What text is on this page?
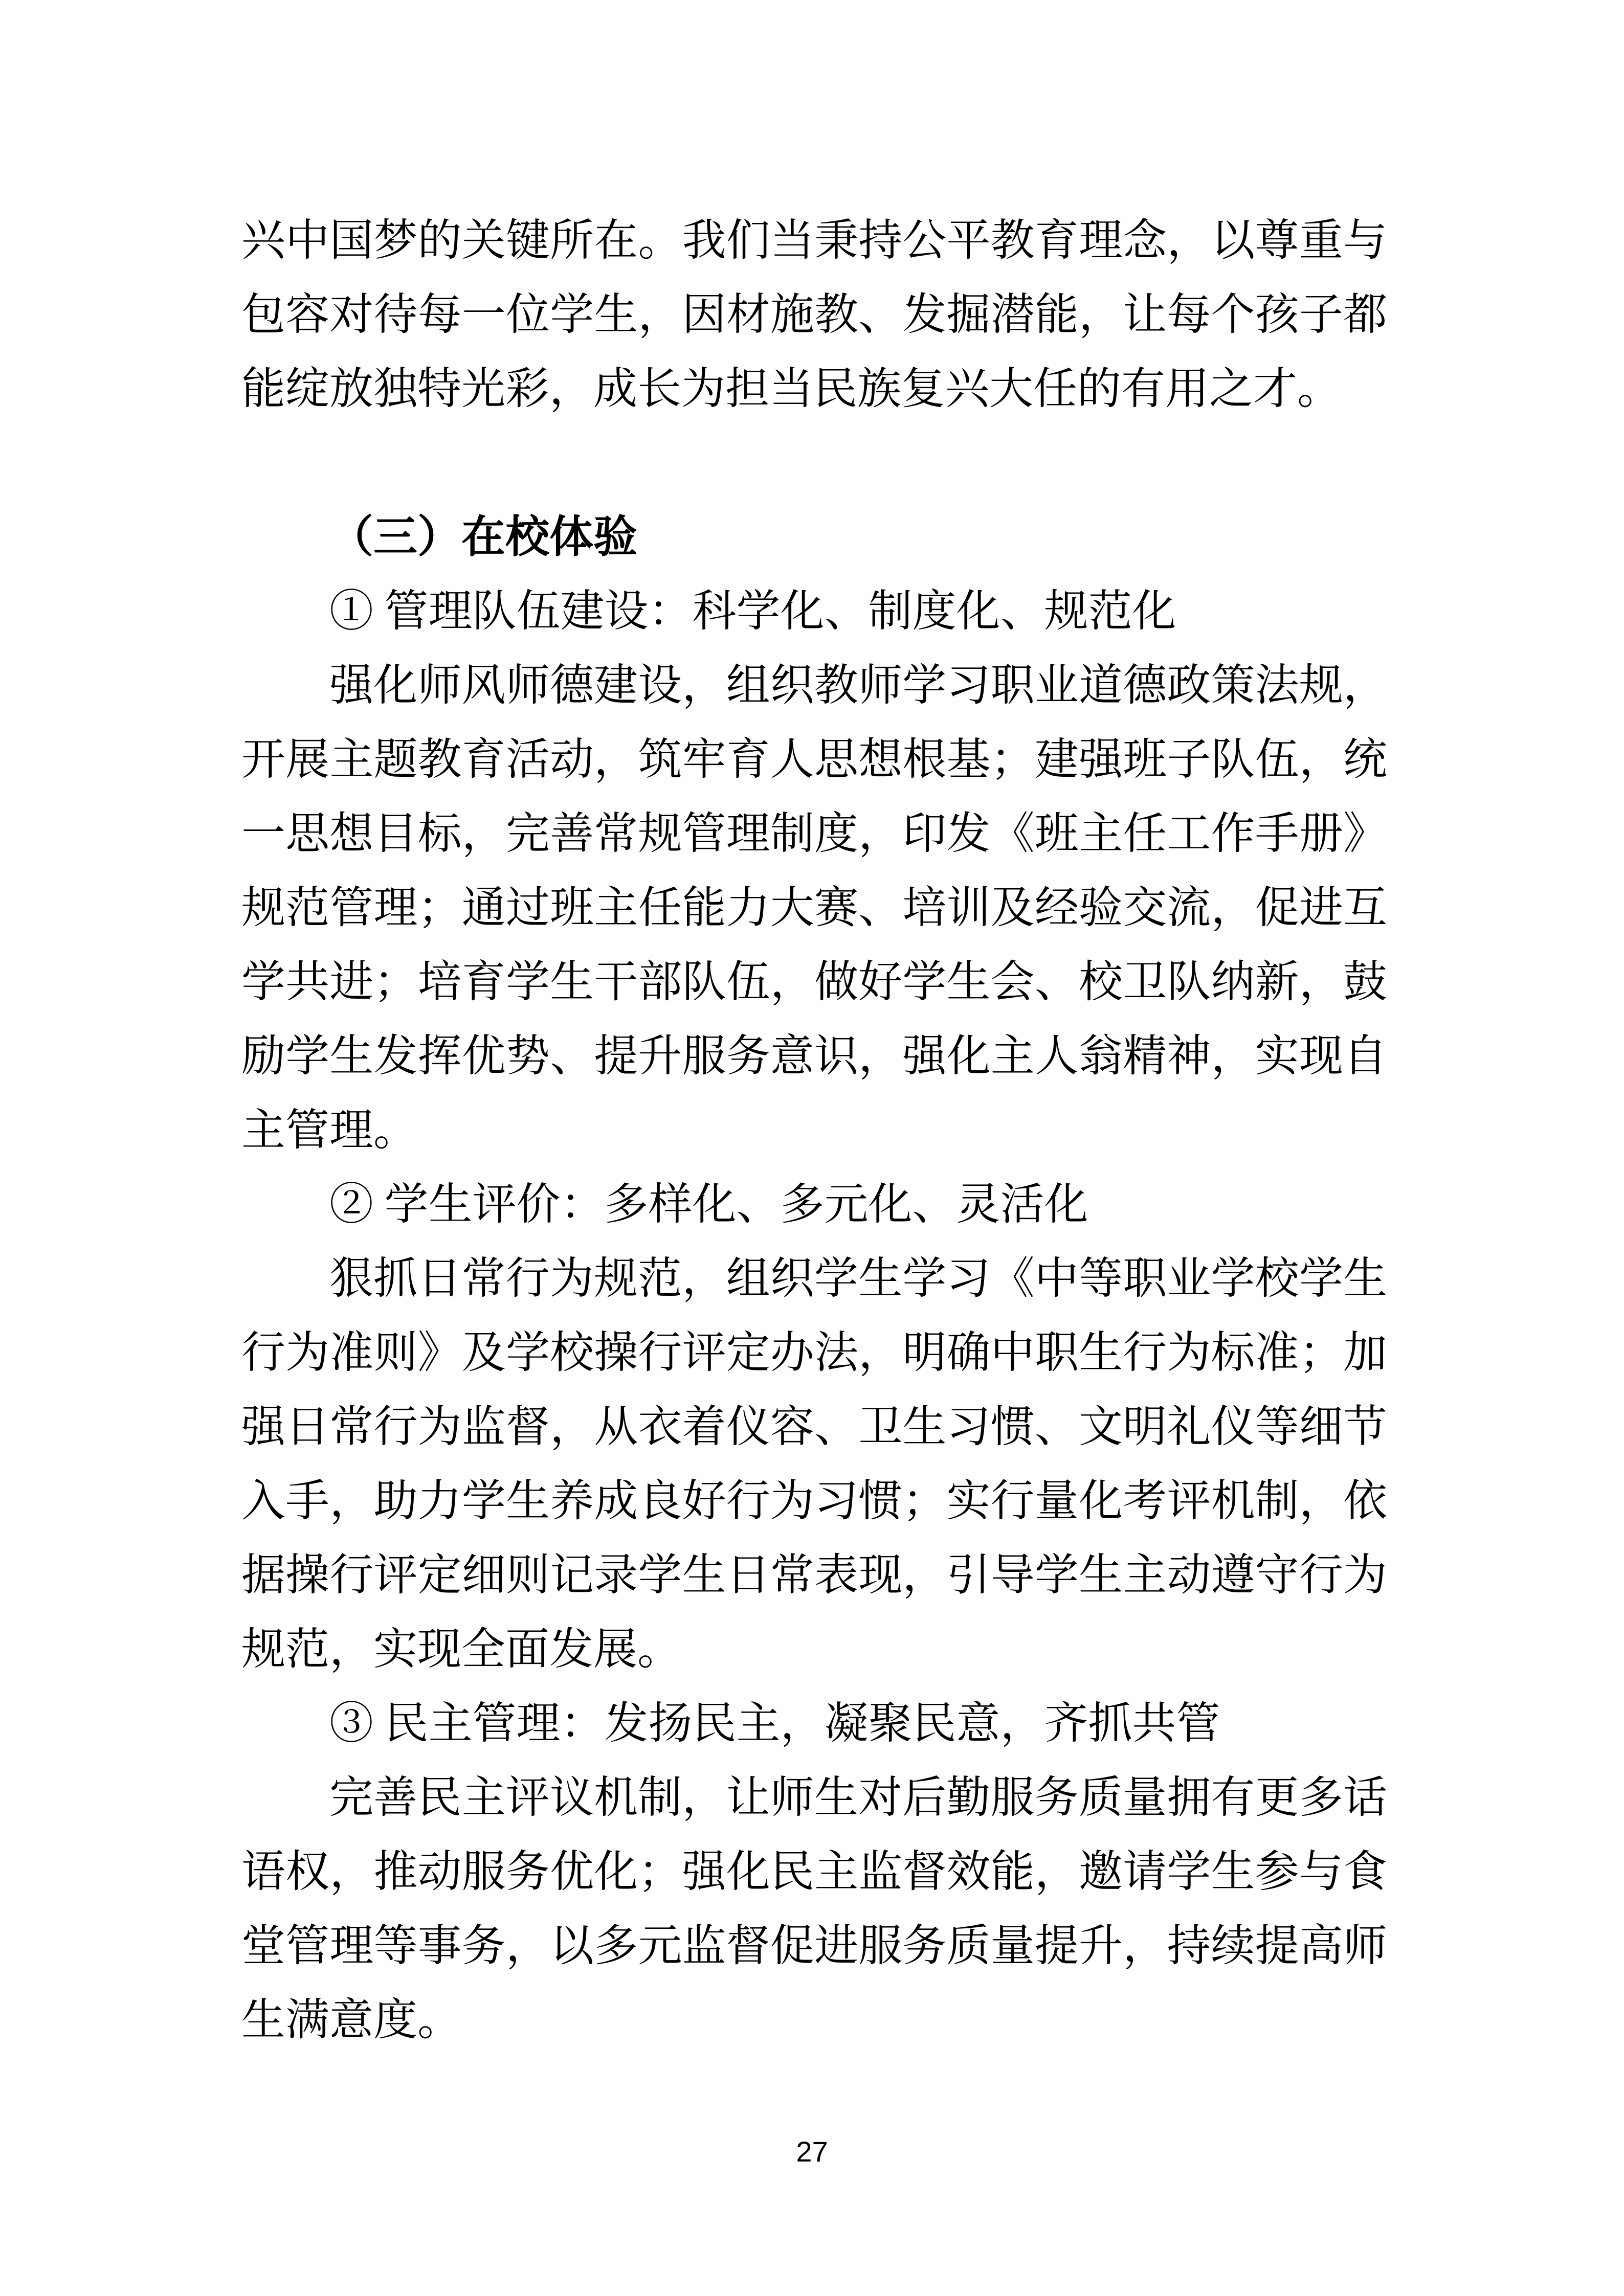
兴中国梦的关键所在。我们当秉持公平教育理念，以尊重与
包容对待每一位学生，因材施教、发掘潜能，让每个孩子都
能绽放独特光彩，成长为担当民族复兴大任的有用之才。
（三）在校体验
① 管理队伍建设：科学化、制度化、规范化
强化师风师德建设，组织教师学习职业道德政策法规，
开展主题教育活动，筑牢育人思想根基；建强班子队伍，统
一思想目标，完善常规管理制度，印发《班主任工作手册》
规范管理；通过班主任能力大赛、培训及经验交流，促进互
学共进；培育学生干部队伍，做好学生会、校卫队纳新，鼓
励学生发挥优势、提升服务意识，强化主人翁精神，实现自
主管理。
② 学生评价：多样化、多元化、灵活化
狠抓日常行为规范，组织学生学习《中等职业学校学生
行为准则》及学校操行评定办法，明确中职生行为标准；加
强日常行为监督，从衣着仪容、卫生习惯、文明礼仪等细节
入手，助力学生养成良好行为习惯；实行量化考评机制，依
据操行评定细则记录学生日常表现，引导学生主动遵守行为
规范，实现全面发展。
③ 民主管理：发扬民主，凝聚民意，齐抓共管
完善民主评议机制，让师生对后勤服务质量拥有更多话
语权，推动服务优化；强化民主监督效能，邀请学生参与食
堂管理等事务，以多元监督促进服务质量提升，持续提高师
生满意度。
27
